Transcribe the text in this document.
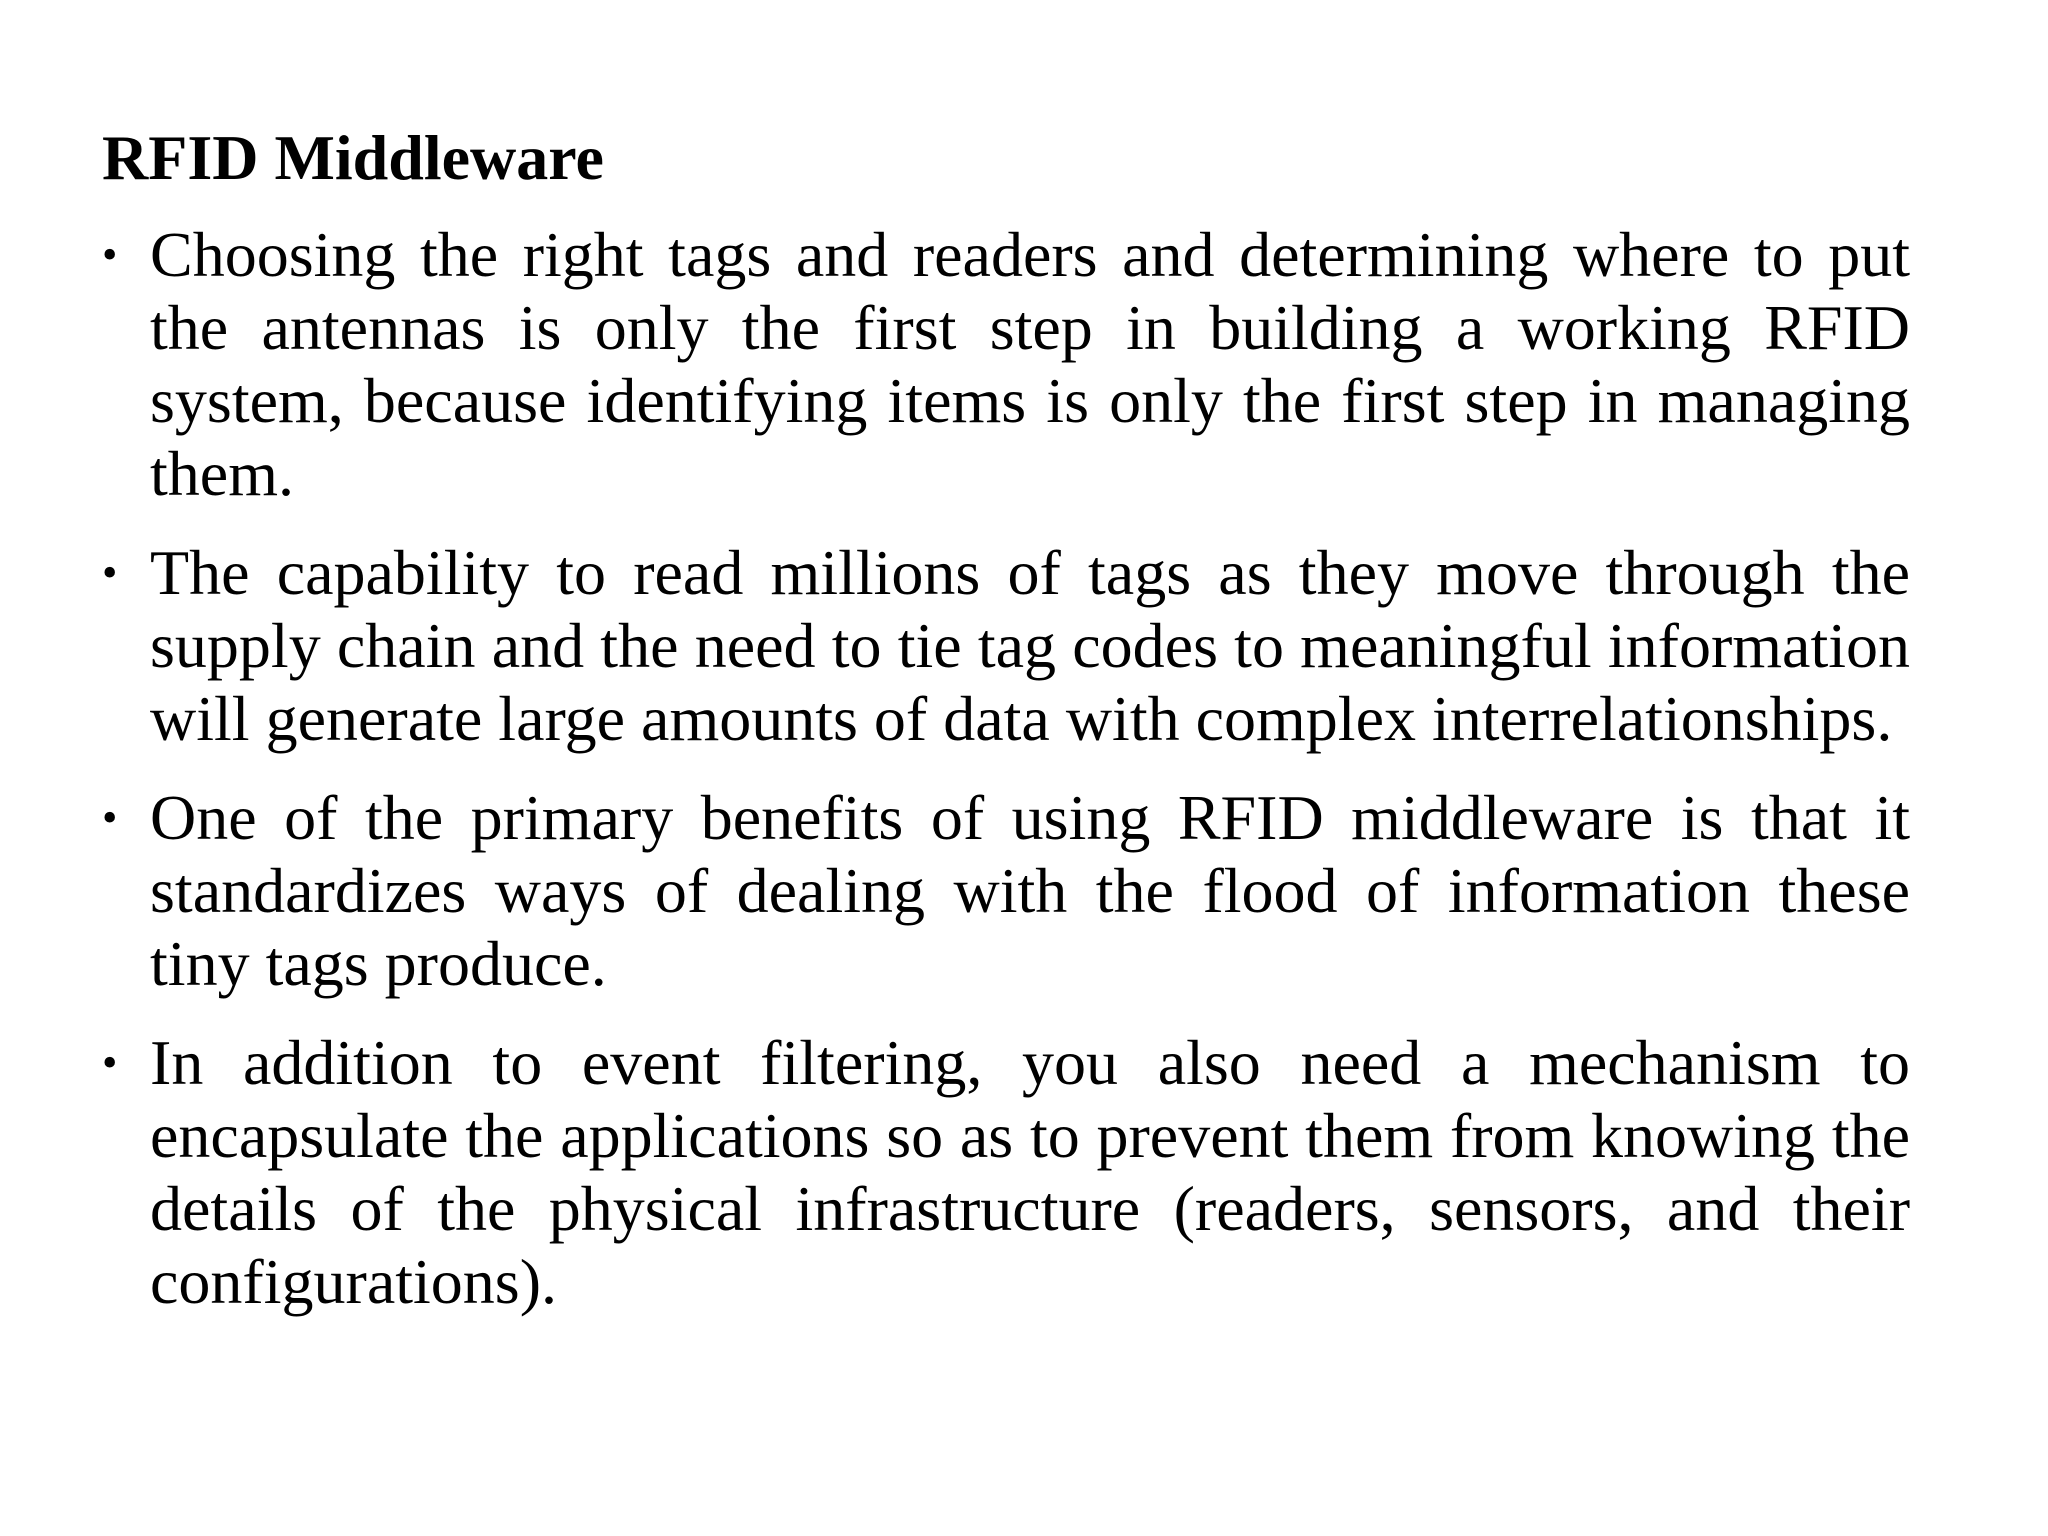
RFID Middleware
• Choosing the right tags and readers and determining where to put the antennas is only the first step in building a working RFID system, because identifying items is only the first step in managing them.
• The capability to read millions of tags as they move through the supply chain and the need to tie tag codes to meaningful information will generate large amounts of data with complex interrelationships.
• One of the primary benefits of using RFID middleware is that it standardizes ways of dealing with the flood of information these tiny tags produce.
• In addition to event filtering, you also need a mechanism to encapsulate the applications so as to prevent them from knowing the details of the physical infrastructure (readers, sensors, and their configurations).
